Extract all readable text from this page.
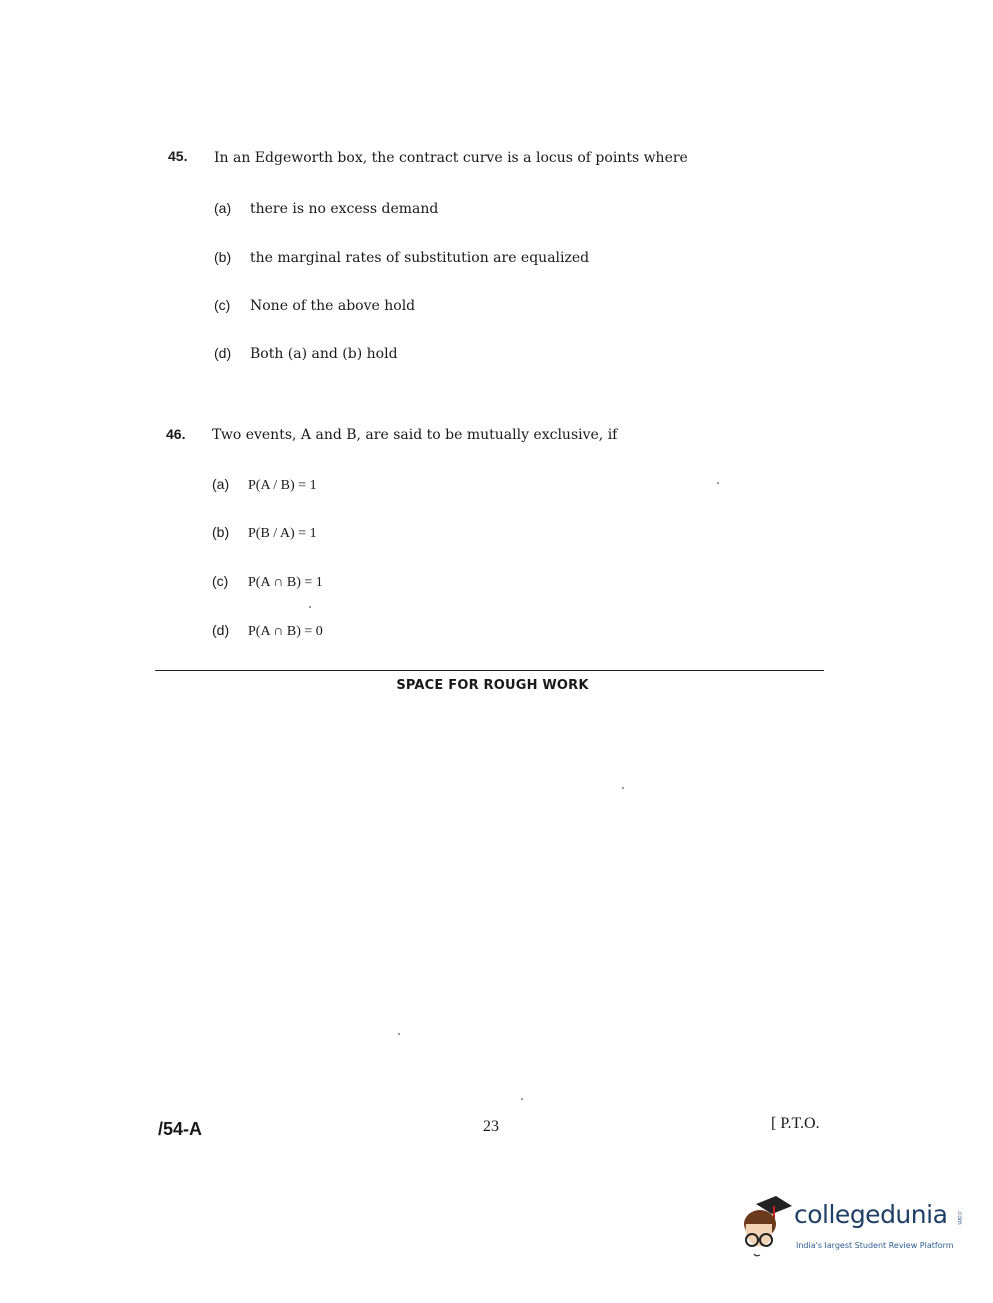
45. In an Edgeworth box, the contract curve is a locus of points where
(a) there is no excess demand
(b) the marginal rates of substitution are equalized
(c) None of the above hold
(d) Both (a) and (b) hold
46. Two events, A and B, are said to be mutually exclusive, if
(a) P(A / B) = 1
(b) P(B / A) = 1
(c) P(A ∩ B) = 1
(d) P(A ∩ B) = 0
SPACE FOR ROUGH WORK
/54-A	23	[ P.T.O.
collegedunia .com
India's largest Student Review Platform
